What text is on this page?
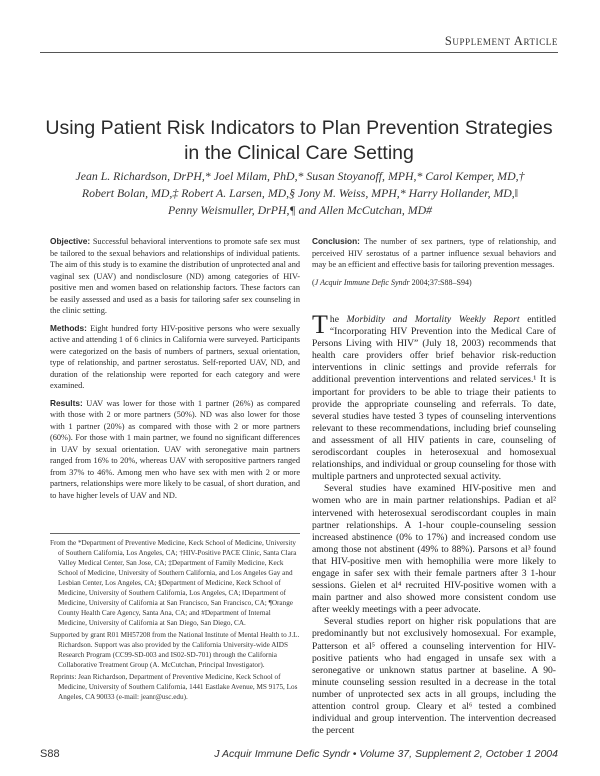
Supplement Article
Using Patient Risk Indicators to Plan Prevention Strategies in the Clinical Care Setting
Jean L. Richardson, DrPH,* Joel Milam, PhD,* Susan Stoyanoff, MPH,* Carol Kemper, MD,†
Robert Bolan, MD,‡ Robert A. Larsen, MD,§ Jony M. Weiss, MPH,* Harry Hollander, MD,‖
Penny Weismuller, DrPH,¶ and Allen McCutchan, MD#

Objective: Successful behavioral interventions to promote safe sex must be tailored to the sexual behaviors and relationships of individual patients. The aim of this study is to examine the distribution of unprotected anal and vaginal sex (UAV) and nondisclosure (ND) among categories of HIV-positive men and women based on relationship factors. These factors can be easily assessed and used as a basis for tailoring safer sex counseling in the clinic setting.

Methods: Eight hundred forty HIV-positive persons who were sexually active and attending 1 of 6 clinics in California were surveyed. Participants were categorized on the basis of numbers of partners, sexual orientation, type of relationship, and partner serostatus. Self-reported UAV, ND, and duration of the relationship were reported for each category and were examined.

Results: UAV was lower for those with 1 partner (26%) as compared with those with 2 or more partners (50%). ND was also lower for those with 1 partner (20%) as compared with those with 2 or more partners (60%). For those with 1 main partner, we found no significant differences in UAV by sexual orientation. UAV with seronegative main partners ranged from 16% to 20%, whereas UAV with seropositive partners ranged from 37% to 46%. Among men who have sex with men with 2 or more partners, relationships were more likely to be casual, of short duration, and to have higher levels of UAV and ND.

Conclusion: The number of sex partners, type of relationship, and perceived HIV serostatus of a partner influence sexual behaviors and may be an efficient and effective basis for tailoring prevention messages.

(J Acquir Immune Defic Syndr 2004;37:S88–S94)

The Morbidity and Mortality Weekly Report entitled “Incorporating HIV Prevention into the Medical Care of Persons Living with HIV” (July 18, 2003) recommends that health care providers offer brief behavior risk-reduction interventions in clinic settings and provide referrals for additional prevention interventions and related services.¹ It is important for providers to be able to triage their patients to provide the appropriate counseling and referrals. To date, several studies have tested 3 types of counseling interventions relevant to these recommendations, including brief counseling and assessment of all HIV patients in care, counseling of serodiscordant couples in heterosexual and homosexual relationships, and individual or group counseling for those with multiple partners and unprotected sexual activity.

Several studies have examined HIV-positive men and women who are in main partner relationships. Padian et al² intervened with heterosexual serodiscordant couples in main partner relationships. A 1-hour couple-counseling session increased abstinence (0% to 17%) and increased condom use among those not abstinent (49% to 88%). Parsons et al³ found that HIV-positive men with hemophilia were more likely to engage in safer sex with their female partners after 3 1-hour sessions. Gielen et al⁴ recruited HIV-positive women with a main partner and also showed more consistent condom use after weekly meetings with a peer advocate.

Several studies report on higher risk populations that are predominantly but not exclusively homosexual. For example, Patterson et al⁵ offered a counseling intervention for HIV-positive patients who had engaged in unsafe sex with a seronegative or unknown status partner at baseline. A 90-minute counseling session resulted in a decrease in the total number of unprotected sex acts in all groups, including the attention control group. Cleary et al⁶ tested a combined individual and group intervention. The intervention decreased the percent

From the *Department of Preventive Medicine, Keck School of Medicine, University of Southern California, Los Angeles, CA; †HIV-Positive PACE Clinic, Santa Clara Valley Medical Center, San Jose, CA; ‡Department of Family Medicine, Keck School of Medicine, University of Southern California, and Los Angeles Gay and Lesbian Center, Los Angeles, CA; §Department of Medicine, Keck School of Medicine, University of Southern California, Los Angeles, CA; ‖Department of Medicine, University of California at San Francisco, San Francisco, CA; ¶Orange County Health Care Agency, Santa Ana, CA; and #Department of Internal Medicine, University of California at San Diego, San Diego, CA.

Supported by grant R01 MH57208 from the National Institute of Mental Health to J.L. Richardson. Support was also provided by the California University-wide AIDS Research Program (CC99-SD-003 and IS02-SD-701) through the California Collaborative Treatment Group (A. McCutchan, Principal Investigator).

Reprints: Jean Richardson, Department of Preventive Medicine, Keck School of Medicine, University of Southern California, 1441 Eastlake Avenue, MS 9175, Los Angeles, CA 90033 (e-mail: jeanr@usc.edu).

S88	J Acquir Immune Defic Syndr • Volume 37, Supplement 2, October 1 2004
